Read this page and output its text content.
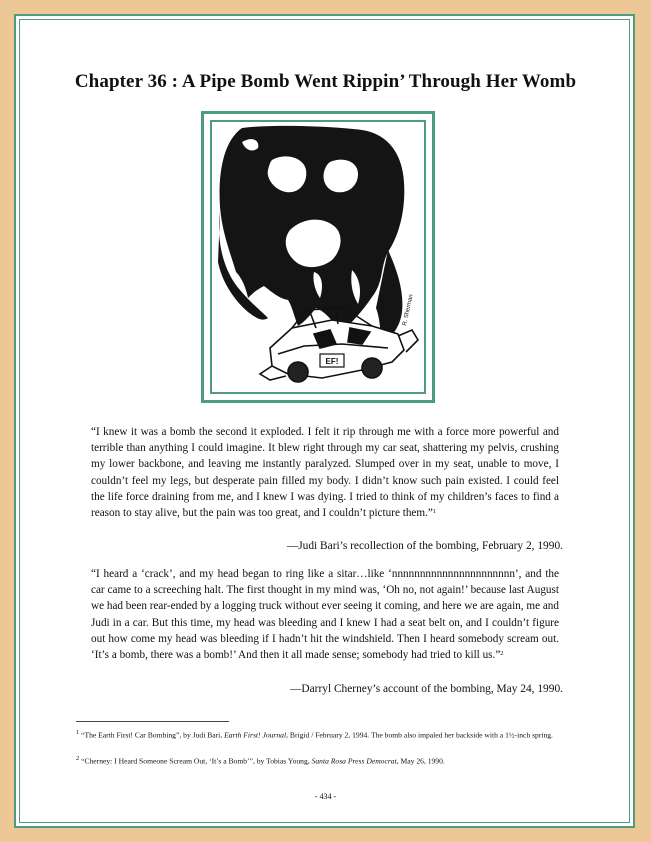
Chapter 36 : A Pipe Bomb Went Rippin’ Through Her Womb
EF!
R. Sherman
“I knew it was a bomb the second it exploded. I felt it rip through me with a force more powerful and terrible than anything I could imagine. It blew right through my car seat, shattering my pelvis, crushing my lower backbone, and leaving me instantly paralyzed. Slumped over in my seat, unable to move, I couldn’t feel my legs, but desperate pain filled my body. I didn’t know such pain existed. I could feel the life force draining from me, and I knew I was dying. I tried to think of my children’s faces to find a reason to stay alive, but the pain was too great, and I couldn’t picture them.”$^1$
—Judi Bari’s recollection of the bombing, February 2, 1990.
“I heard a ‘crack’, and my head began to ring like a sitar…like ‘nnnnnnnnnnnnnnnnnnnnnn’, and the car came to a screeching halt. The first thought in my mind was, ‘Oh no, not again!’ because last August we had been rear-ended by a logging truck without ever seeing it coming, and here we are again, me and Judi in a car. But this time, my head was bleeding and I knew I had a seat belt on, and I couldn’t figure out how come my head was bleeding if I hadn’t hit the windshield. Then I heard somebody scream out. ‘It’s a bomb, there was a bomb!’ And then it all made sense; somebody had tried to kill us.”$^2$
—Darryl Cherney’s account of the bombing, May 24, 1990.
$^1$ “The Earth First! Car Bombing”, by Judi Bari, Earth First! Journal, Brigid / February 2, 1994. The bomb also impaled her backside with a 1½-inch spring.
$^2$ “Cherney: I Heard Someone Scream Out, ‘It’s a Bomb’”, by Tobias Young, Santa Rosa Press Democrat, May 26, 1990.
- 434 -
